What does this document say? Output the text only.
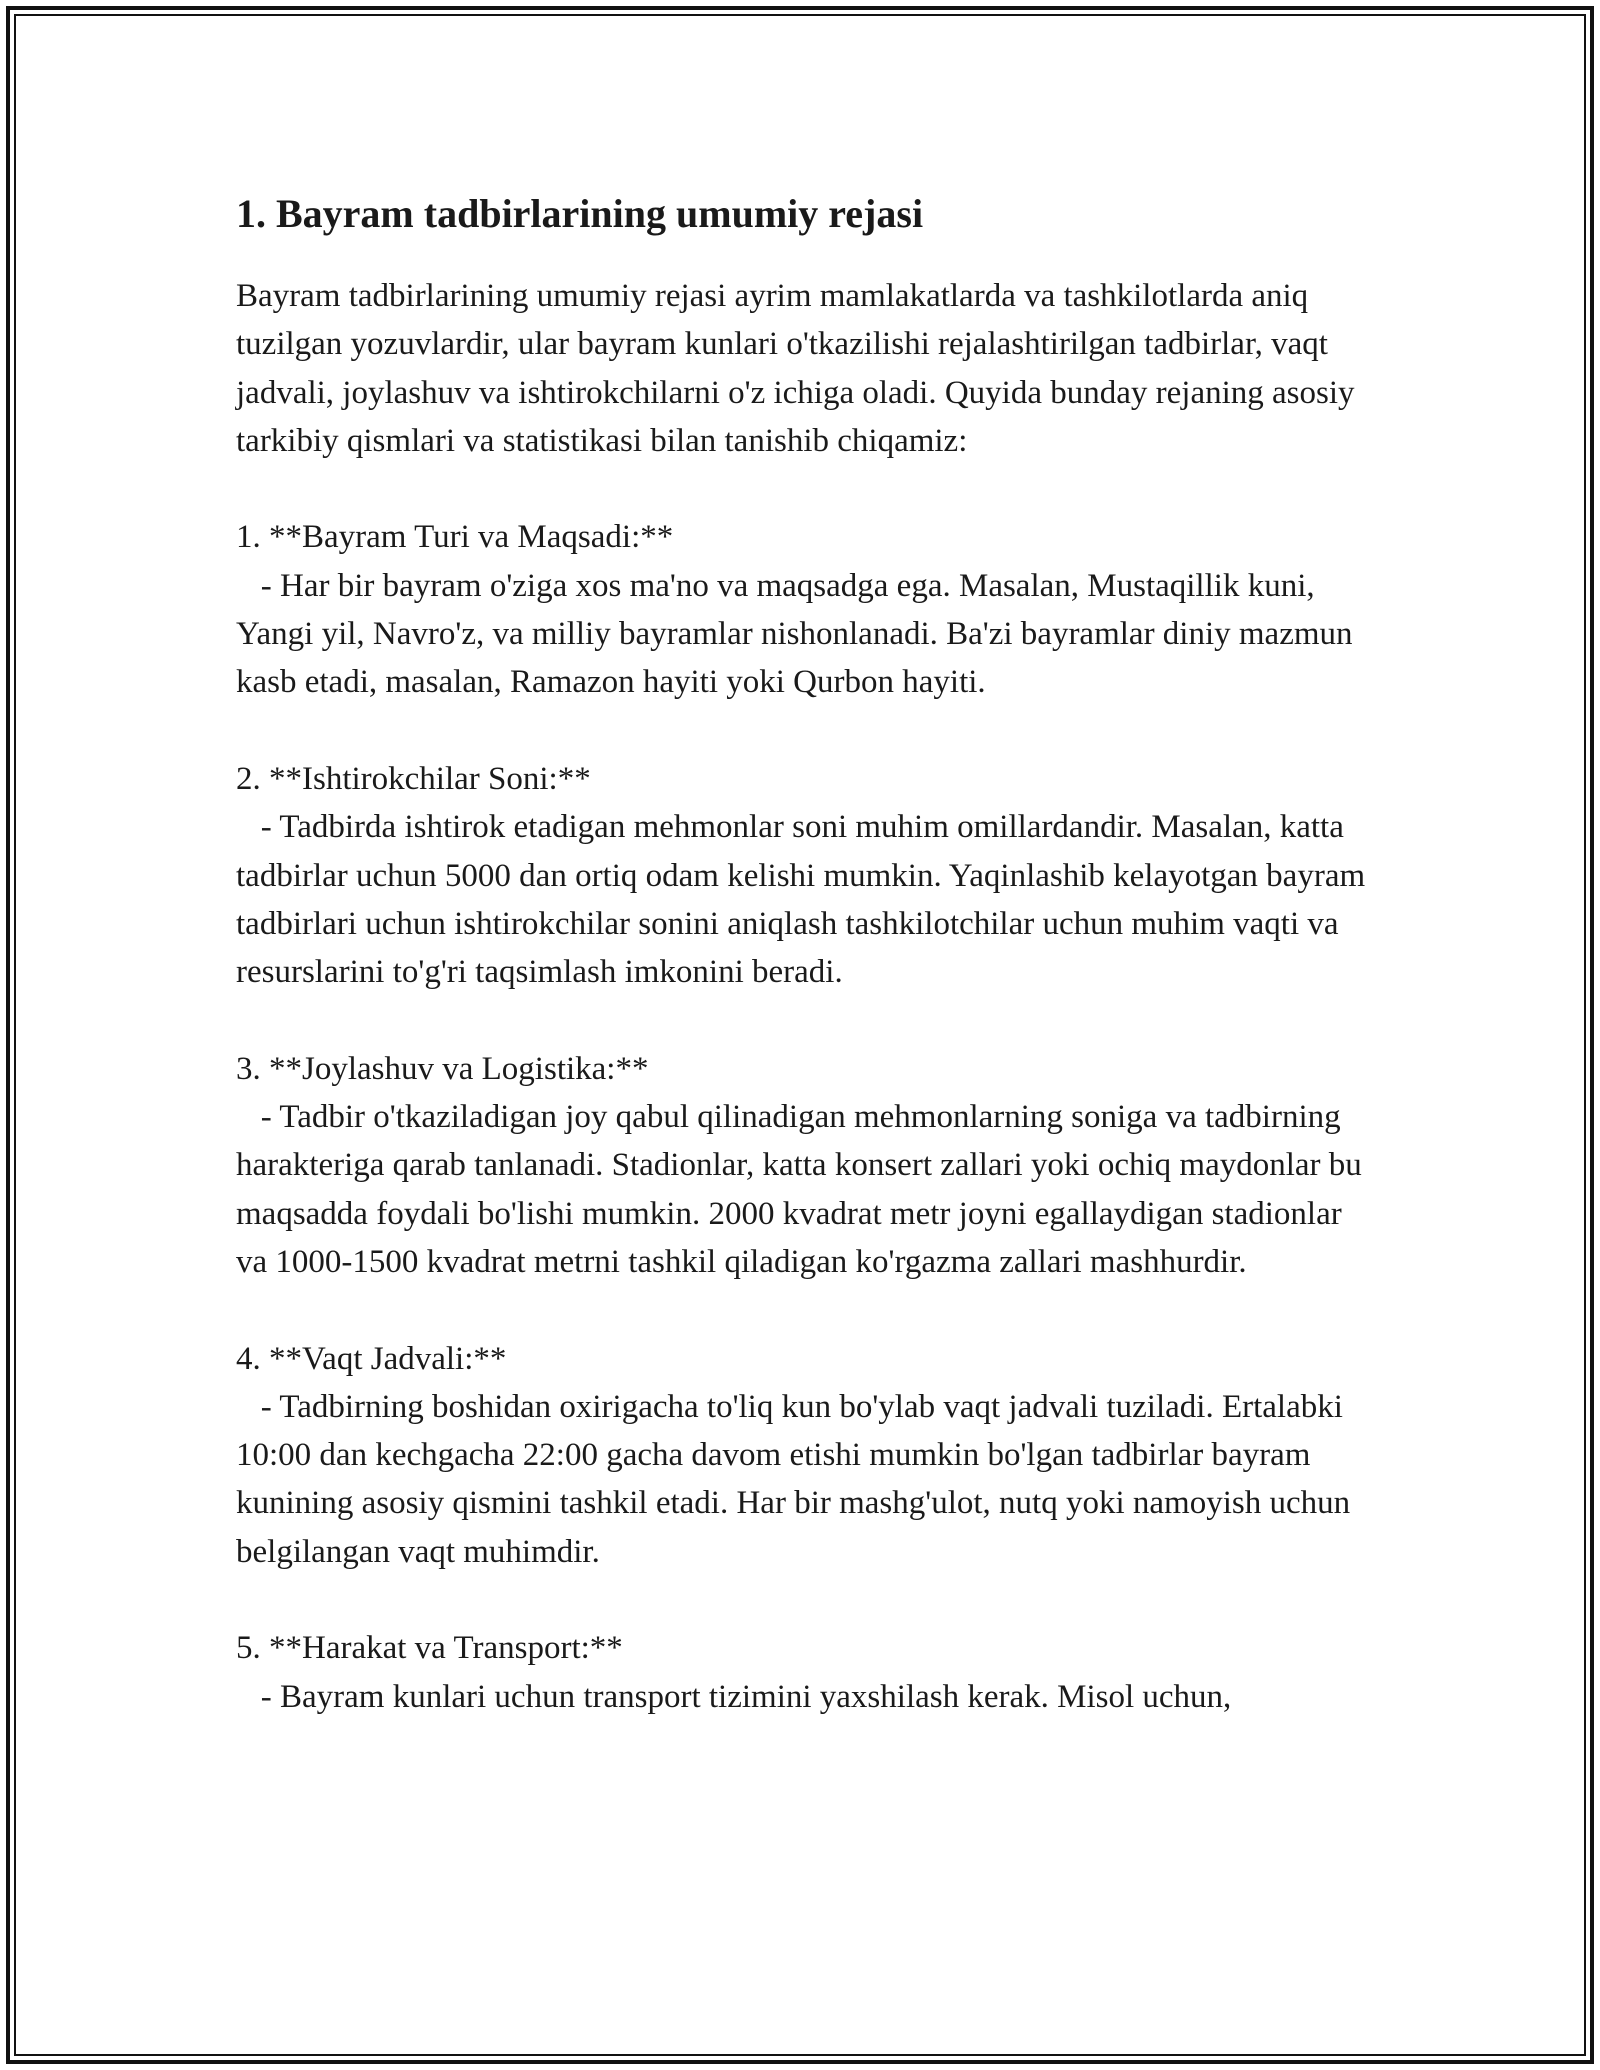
1. Bayram tadbirlarining umumiy rejasi

Bayram tadbirlarining umumiy rejasi ayrim mamlakatlarda va tashkilotlarda aniq tuzilgan yozuvlardir, ular bayram kunlari o'tkazilishi rejalashtirilgan tadbirlar, vaqt jadvali, joylashuv va ishtirokchilarni o'z ichiga oladi. Quyida bunday rejaning asosiy tarkibiy qismlari va statistikasi bilan tanishib chiqamiz:

1. **Bayram Turi va Maqsadi:**

- Har bir bayram o'ziga xos ma'no va maqsadga ega. Masalan, Mustaqillik kuni, Yangi yil, Navro'z, va milliy bayramlar nishonlanadi. Ba'zi bayramlar diniy mazmun kasb etadi, masalan, Ramazon hayiti yoki Qurbon hayiti.

2. **Ishtirokchilar Soni:**

- Tadbirda ishtirok etadigan mehmonlar soni muhim omillardandir. Masalan, katta tadbirlar uchun 5000 dan ortiq odam kelishi mumkin. Yaqinlashib kelayotgan bayram tadbirlari uchun ishtirokchilar sonini aniqlash tashkilotchilar uchun muhim vaqti va resurslarini to'g'ri taqsimlash imkonini beradi.

3. **Joylashuv va Logistika:**

- Tadbir o'tkaziladigan joy qabul qilinadigan mehmonlarning soniga va tadbirning harakteriga qarab tanlanadi. Stadionlar, katta konsert zallari yoki ochiq maydonlar bu maqsadda foydali bo'lishi mumkin. 2000 kvadrat metr joyni egallaydigan stadionlar va 1000-1500 kvadrat metrni tashkil qiladigan ko'rgazma zallari mashhurdir.

4. **Vaqt Jadvali:**

- Tadbirning boshidan oxirigacha to'liq kun bo'ylab vaqt jadvali tuziladi. Ertalabki 10:00 dan kechgacha 22:00 gacha davom etishi mumkin bo'lgan tadbirlar bayram kunining asosiy qismini tashkil etadi. Har bir mashg'ulot, nutq yoki namoyish uchun belgilangan vaqt muhimdir.

5. **Harakat va Transport:**

- Bayram kunlari uchun transport tizimini yaxshilash kerak. Misol uchun,
